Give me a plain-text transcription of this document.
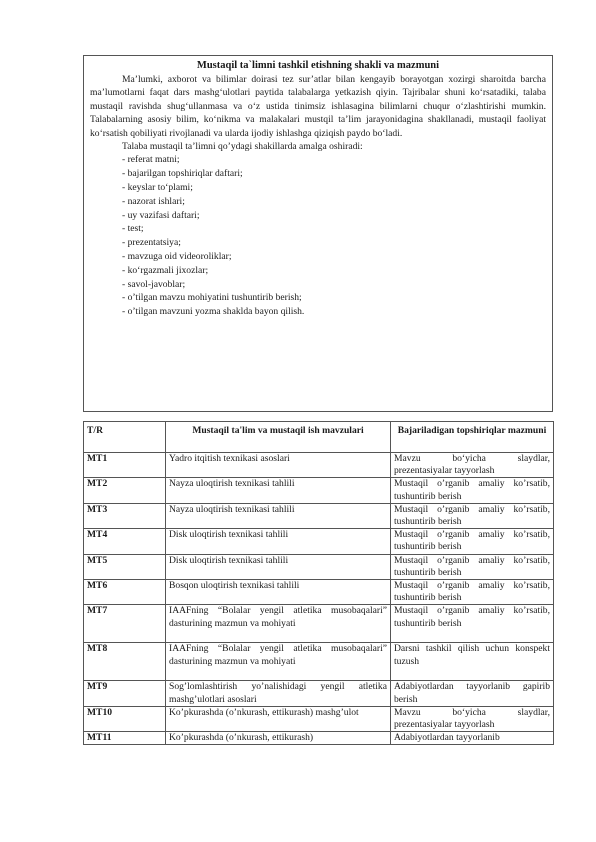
Mustaqil ta`limni tashkil etishning shakli va mazmuni

Ma’lumki, axborot va bilimlar doirasi tez sur’atlar bilan kengayib borayotgan xozirgi sharoitda barcha ma’lumotlarni faqat dars mashg‘ulotlari paytida talabalarga yetkazish qiyin. Tajribalar shuni ko‘rsatadiki, talaba mustaqil ravishda shug‘ullanmasa va o‘z ustida tinimsiz ishlasagina bilimlarni chuqur o‘zlashtirishi mumkin. Talabalarning asosiy bilim, ko‘nikma va malakalari mustqil ta’lim jarayonidagina shakllanadi, mustaqil faoliyat ko‘rsatish qobiliyati rivojlanadi va ularda ijodiy ishlashga qiziqish paydo bo‘ladi.

Talaba mustaqil ta’limni qo’ydagi shakillarda amalga oshiradi:

- referat matni;
- bajarilgan topshiriqlar daftari;
- keyslar to‘plami;
- nazorat ishlari;
- uy vazifasi daftari;
- test;
- prezentatsiya;
- mavzuga oid videoroliklar;
- ko‘rgazmali jixozlar;
- savol-javoblar;
- o’tilgan mavzu mohiyatini tushuntirib berish;
- o’tilgan mavzuni yozma shaklda bayon qilish.
T/R	Mustaqil ta'lim va mustaqil ish mavzulari	Bajariladigan topshiriqlar mazmuni
MT1	Yadro itqitish texnikasi asoslari	Mavzu bo‘yicha slaydlar, prezentasiyalar tayyorlash
MT2	Nayza uloqtirish texnikasi tahlili	Mustaqil o’rganib amaliy ko’rsatib, tushuntirib berish
MT3	Nayza uloqtirish texnikasi tahlili	Mustaqil o’rganib amaliy ko’rsatib, tushuntirib berish
MT4	Disk uloqtirish texnikasi tahlili	Mustaqil o’rganib amaliy ko’rsatib, tushuntirib berish
MT5	Disk uloqtirish texnikasi tahlili	Mustaqil o’rganib amaliy ko’rsatib, tushuntirib berish
MT6	Bosqon uloqtirish texnikasi tahlili	Mustaqil o’rganib amaliy ko’rsatib, tushuntirib berish
MT7	IAAFning “Bolalar yengil atletika musobaqalari” dasturining mazmun va mohiyati	Mustaqil o’rganib amaliy ko’rsatib, tushuntirib berish
MT8	IAAFning “Bolalar yengil atletika musobaqalari” dasturining mazmun va mohiyati	Darsni tashkil qilish uchun konspekt tuzush
MT9	Sog’lomlashtirish yo’nalishidagi yengil atletika mashg’ulotlari asoslari	Adabiyotlardan tayyorlanib gapirib berish
MT10	Ko’pkurashda (o’nkurash, ettikurash) mashg’ulot	Mavzu bo‘yicha slaydlar, prezentasiyalar tayyorlash
MT11	Ko’pkurashda (o’nkurash, ettikurash)	Adabiyotlardan tayyorlanib
